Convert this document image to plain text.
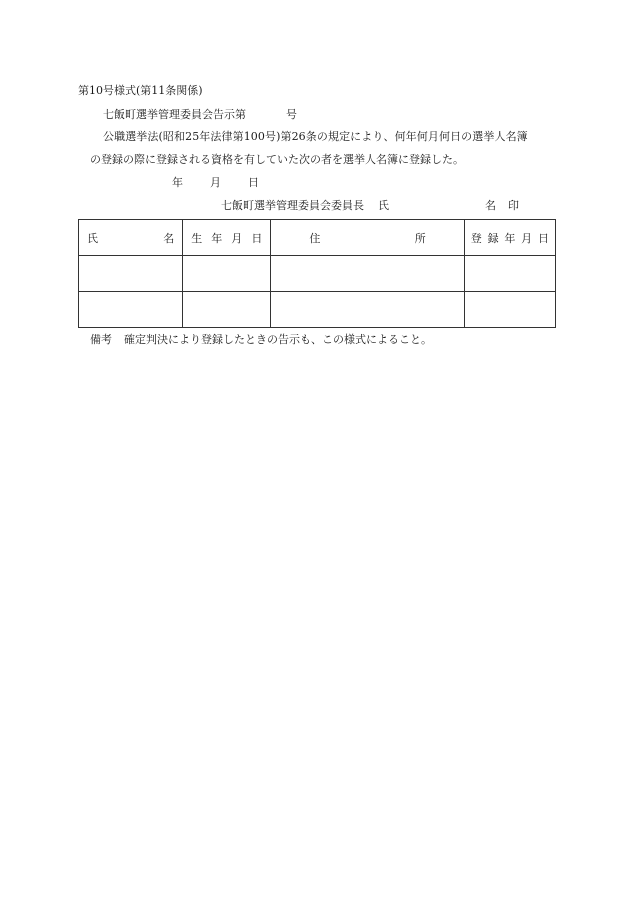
第10号様式(第11条関係)
七飯町選挙管理委員会告示第	号
公職選挙法(昭和25年法律第100号)第26条の規定により、何年何月何日の選挙人名簿
の登録の際に登録される資格を有していた次の者を選挙人名簿に登録した。
年 月 日
七飯町選挙管理委員会委員長 氏	名 印
氏 名	生 年 月 日	住 所	登 録 年 月 日

備考 確定判決により登録したときの告示も、この様式によること。
